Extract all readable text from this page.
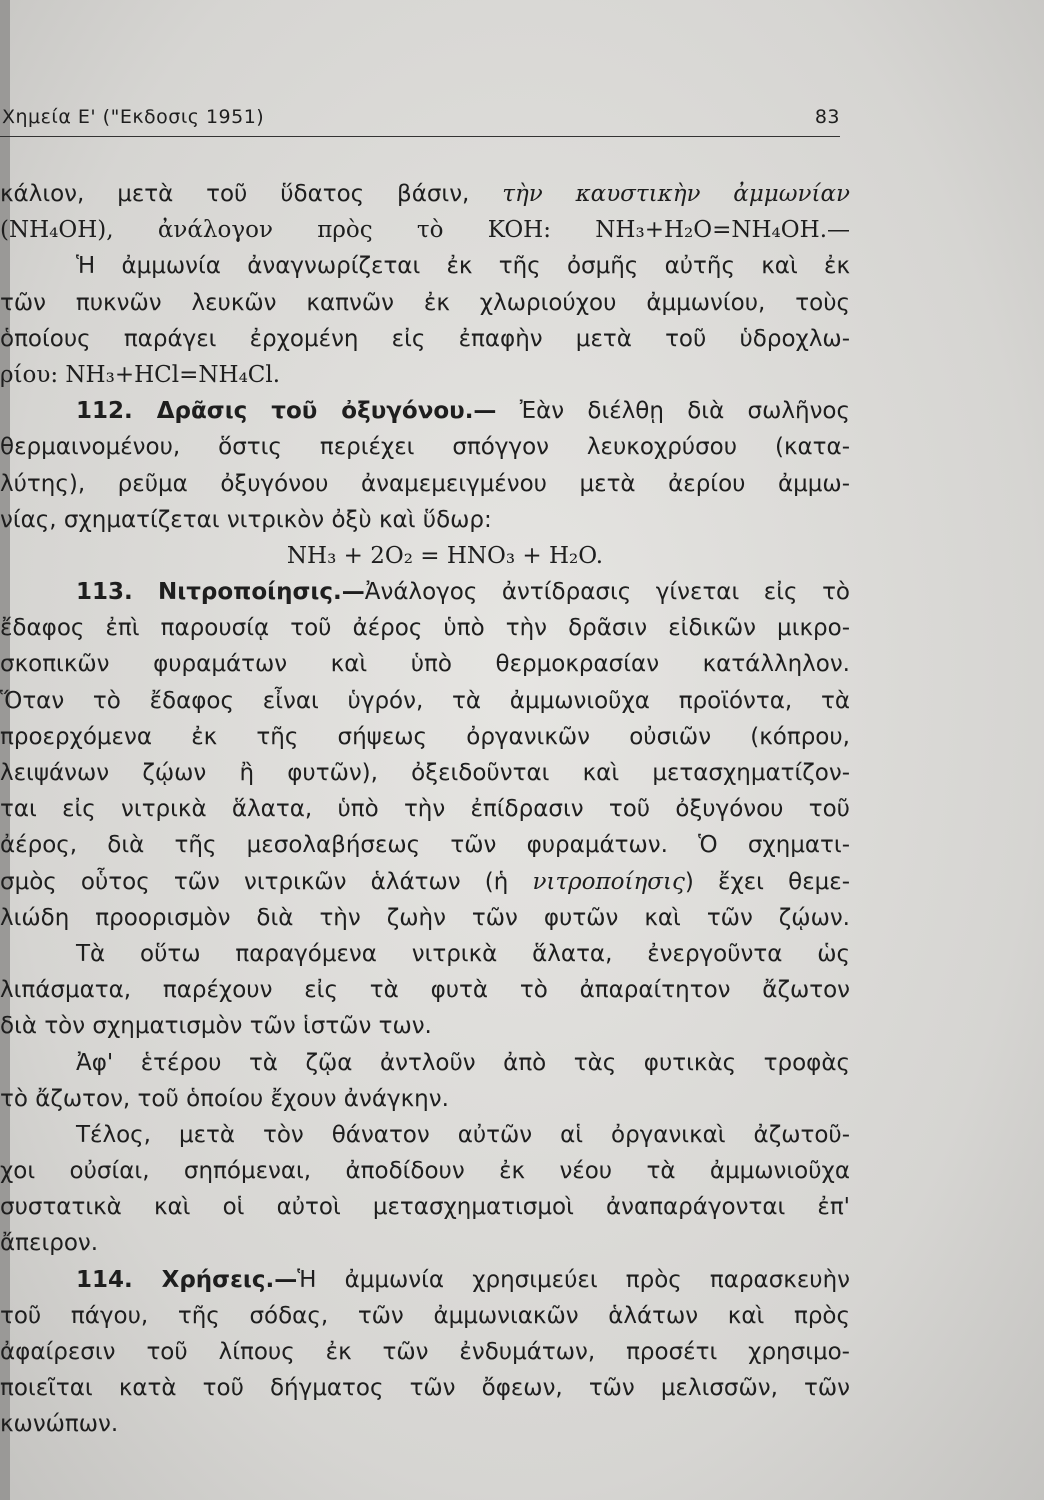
Χημεία Ε' ("Εκδοσις 1951)	83
κάλιον, μετὰ τοῦ ὕδατος βάσιν, τὴν καυστικὴν ἀμμωνίαν
(NH₄OH), ἀνάλογον πρὸς τὸ KOH: NH₃+H₂O=NH₄OH.—
Ἡ ἀμμωνία ἀναγνωρίζεται ἐκ τῆς ὀσμῆς αὐτῆς καὶ ἐκ
τῶν πυκνῶν λευκῶν καπνῶν ἐκ χλωριούχου ἀμμωνίου, τοὺς
ὁποίους παράγει ἐρχομένη εἰς ἐπαφὴν μετὰ τοῦ ὑδροχλω-
ρίου: NH₃+HCl=NH₄Cl.
112. Δρᾶσις τοῦ ὀξυγόνου.— Ἐὰν διέλθῃ διὰ σωλῆνος
θερμαινομένου, ὅστις περιέχει σπόγγον λευκοχρύσου (κατα-
λύτης), ρεῦμα ὀξυγόνου ἀναμεμειγμένου μετὰ ἀερίου ἀμμω-
νίας, σχηματίζεται νιτρικὸν ὀξὺ καὶ ὕδωρ:
NH₃ + 2O₂ = HNO₃ + H₂O.
113. Νιτροποίησις.—Ἀνάλογος ἀντίδρασις γίνεται εἰς τὸ
ἔδαφος ἐπὶ παρουσίᾳ τοῦ ἀέρος ὑπὸ τὴν δρᾶσιν εἰδικῶν μικρο-
σκοπικῶν φυραμάτων καὶ ὑπὸ θερμοκρασίαν κατάλληλον.
Ὅταν τὸ ἔδαφος εἶναι ὑγρόν, τὰ ἀμμωνιοῦχα προϊόντα, τὰ
προερχόμενα ἐκ τῆς σήψεως ὀργανικῶν οὐσιῶν (κόπρου,
λειψάνων ζῴων ἢ φυτῶν), ὀξειδοῦνται καὶ μετασχηματίζον-
ται εἰς νιτρικὰ ἅλατα, ὑπὸ τὴν ἐπίδρασιν τοῦ ὀξυγόνου τοῦ
ἀέρος, διὰ τῆς μεσολαβήσεως τῶν φυραμάτων. Ὁ σχηματι-
σμὸς οὗτος τῶν νιτρικῶν ἁλάτων (ἡ νιτροποίησις) ἔχει θεμε-
λιώδη προορισμὸν διὰ τὴν ζωὴν τῶν φυτῶν καὶ τῶν ζῴων.
Τὰ οὕτω παραγόμενα νιτρικὰ ἅλατα, ἐνεργοῦντα ὡς
λιπάσματα, παρέχουν εἰς τὰ φυτὰ τὸ ἀπαραίτητον ἄζωτον
διὰ τὸν σχηματισμὸν τῶν ἱστῶν των.
Ἀφ' ἑτέρου τὰ ζῷα ἀντλοῦν ἀπὸ τὰς φυτικὰς τροφὰς
τὸ ἄζωτον, τοῦ ὁποίου ἔχουν ἀνάγκην.
Τέλος, μετὰ τὸν θάνατον αὐτῶν αἱ ὀργανικαὶ ἀζωτοῦ-
χοι οὐσίαι, σηπόμεναι, ἀποδίδουν ἐκ νέου τὰ ἀμμωνιοῦχα
συστατικὰ καὶ οἱ αὐτοὶ μετασχηματισμοὶ ἀναπαράγονται ἐπ'
ἄπειρον.
114. Χρήσεις.—Ἡ ἀμμωνία χρησιμεύει πρὸς παρασκευὴν
τοῦ πάγου, τῆς σόδας, τῶν ἀμμωνιακῶν ἁλάτων καὶ πρὸς
ἀφαίρεσιν τοῦ λίπους ἐκ τῶν ἐνδυμάτων, προσέτι χρησιμο-
ποιεῖται κατὰ τοῦ δήγματος τῶν ὄφεων, τῶν μελισσῶν, τῶν
κωνώπων.
